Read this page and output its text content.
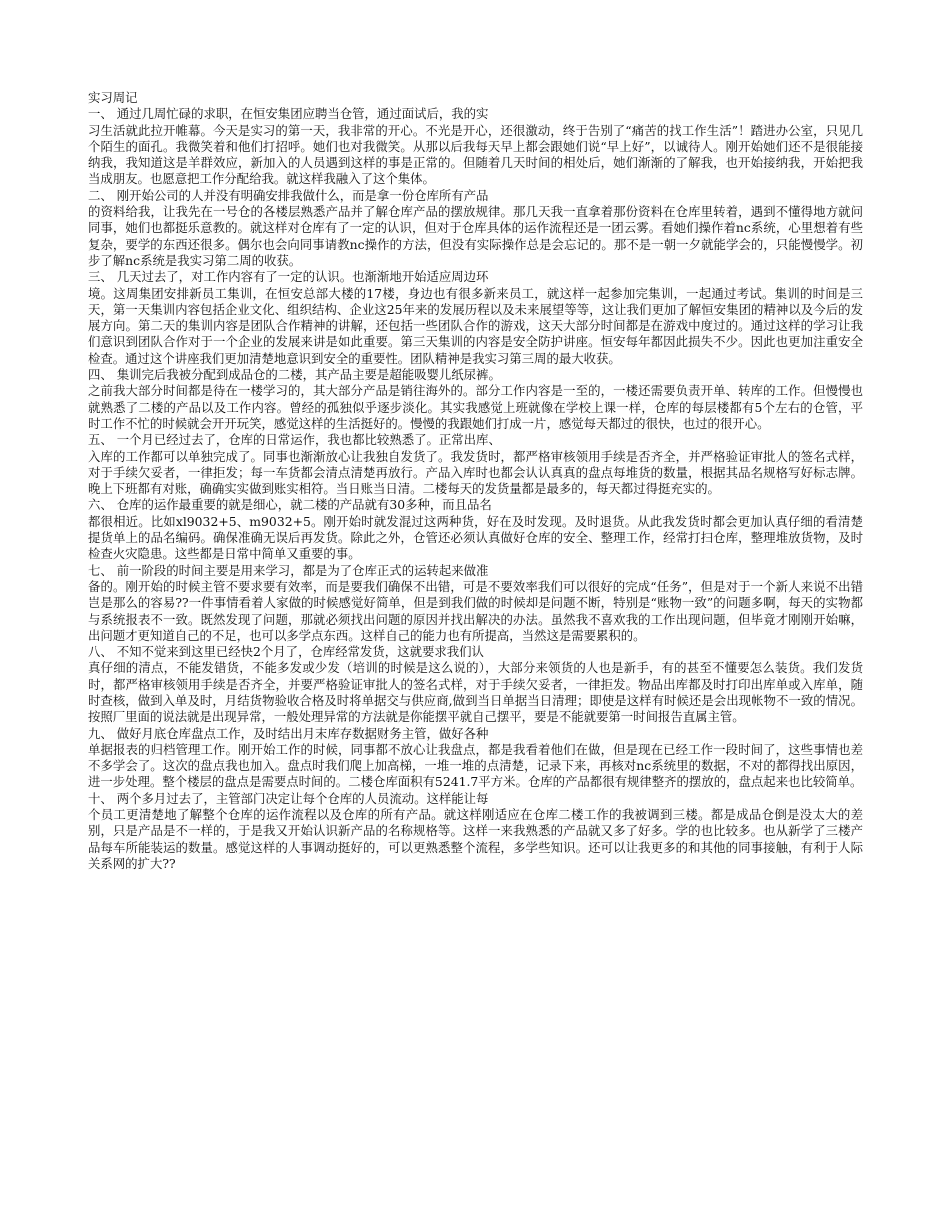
实习周记

一、 通过几周忙碌的求职，在恒安集团应聘当仓管，通过面试后，我的实

习生活就此拉开帷幕。今天是实习的第一天，我非常的开心。不光是开心，还很激动，终于告别了“痛苦的找工作生活”！踏进办公室，只见几个陌生的面孔。我微笑着和他们打招呼。她们也对我微笑。从那以后我每天早上都会跟她们说“早上好”，以诚待人。刚开始她们还不是很能接纳我，我知道这是羊群效应，新加入的人员遇到这样的事是正常的。但随着几天时间的相处后，她们渐渐的了解我，也开始接纳我，开始把我当成朋友。也愿意把工作分配给我。就这样我融入了这个集体。

二、 刚开始公司的人并没有明确安排我做什么，而是拿一份仓库所有产品

的资料给我，让我先在一号仓的各楼层熟悉产品并了解仓库产品的摆放规律。那几天我一直拿着那份资料在仓库里转着，遇到不懂得地方就问同事，她们也都挺乐意教的。就这样对仓库有了一定的认识，但对于仓库具体的运作流程还是一团云雾。看她们操作着nc系统，心里想着有些复杂，要学的东西还很多。偶尔也会向同事请教nc操作的方法，但没有实际操作总是会忘记的。那不是一朝一夕就能学会的，只能慢慢学。初步了解nc系统是我实习第二周的收获。

三、 几天过去了，对工作内容有了一定的认识。也渐渐地开始适应周边环

境。这周集团安排新员工集训，在恒安总部大楼的17楼，身边也有很多新来员工，就这样一起参加完集训，一起通过考试。集训的时间是三天，第一天集训内容包括企业文化、组织结构、企业这25年来的发展历程以及未来展望等等，这让我们更加了解恒安集团的精神以及今后的发展方向。第二天的集训内容是团队合作精神的讲解，还包括一些团队合作的游戏，这天大部分时间都是在游戏中度过的。通过这样的学习让我们意识到团队合作对于一个企业的发展来讲是如此重要。第三天集训的内容是安全防护讲座。恒安每年都因此损失不少。因此也更加注重安全检查。通过这个讲座我们更加清楚地意识到安全的重要性。团队精神是我实习第三周的最大收获。

四、 集训完后我被分配到成品仓的二楼，其产品主要是超能吸婴儿纸尿裤。

之前我大部分时间都是待在一楼学习的，其大部分产品是销往海外的。部分工作内容是一至的，一楼还需要负责开单、转库的工作。但慢慢也就熟悉了二楼的产品以及工作内容。曾经的孤独似乎逐步淡化。其实我感觉上班就像在学校上课一样，仓库的每层楼都有5个左右的仓管，平时工作不忙的时候就会开开玩笑，感觉这样的生活挺好的。慢慢的我跟她们打成一片，感觉每天都过的很快，也过的很开心。

五、 一个月已经过去了，仓库的日常运作，我也都比较熟悉了。正常出库、

入库的工作都可以单独完成了。同事也渐渐放心让我独自发货了。我发货时，都严格审核领用手续是否齐全，并严格验证审批人的签名式样，对于手续欠妥者，一律拒发；每一车货都会清点清楚再放行。产品入库时也都会认认真真的盘点每堆货的数量，根据其品名规格写好标志牌。晚上下班都有对账，确确实实做到账实相符。当日账当日清。二楼每天的发货量都是最多的，每天都过得挺充实的。

六、 仓库的运作最重要的就是细心，就二楼的产品就有30多种，而且品名

都很相近。比如xl9032+5、m9032+5。刚开始时就发混过这两种货，好在及时发现。及时退货。从此我发货时都会更加认真仔细的看清楚提货单上的品名编码。确保准确无误后再发货。除此之外，仓管还必须认真做好仓库的安全、整理工作，经常打扫仓库，整理堆放货物，及时检查火灾隐患。这些都是日常中简单又重要的事。

七、 前一阶段的时间主要是用来学习，都是为了仓库正式的运转起来做准

备的。刚开始的时候主管不要求要有效率，而是要我们确保不出错，可是不要效率我们可以很好的完成“任务”，但是对于一个新人来说不出错岂是那么的容易??一件事情看着人家做的时候感觉好简单，但是到我们做的时候却是问题不断，特别是“账物一致”的问题多啊，每天的实物都与系统报表不一致。既然发现了问题，那就必须找出问题的原因并找出解决的办法。虽然我不喜欢我的工作出现问题，但毕竟才刚刚开始嘛，出问题才更知道自己的不足，也可以多学点东西。这样自己的能力也有所提高，当然这是需要累积的。

八、 不知不觉来到这里已经快2个月了，仓库经常发货，这就要求我们认

真仔细的清点，不能发错货，不能多发或少发（培训的时候是这么说的），大部分来领货的人也是新手，有的甚至不懂要怎么装货。我们发货时，都严格审核领用手续是否齐全，并要严格验证审批人的签名式样，对于手续欠妥者，一律拒发。物品出库都及时打印出库单或入库单，随时查核，做到入单及时，月结货物验收合格及时将单据交与供应商,做到当日单据当日清理；即使是这样有时候还是会出现帐物不一致的情况。按照厂里面的说法就是出现异常，一般处理异常的方法就是你能摆平就自己摆平，要是不能就要第一时间报告直属主管。

九、 做好月底仓库盘点工作，及时结出月末库存数据财务主管，做好各种

单据报表的归档管理工作。刚开始工作的时候，同事都不放心让我盘点，都是我看着他们在做，但是现在已经工作一段时间了，这些事情也差不多学会了。这次的盘点我也加入。盘点时我们爬上加高梯，一堆一堆的点清楚，记录下来，再核对nc系统里的数据，不对的都得找出原因，进一步处理。整个楼层的盘点是需要点时间的。二楼仓库面积有5241.7平方米。仓库的产品都很有规律整齐的摆放的，盘点起来也比较简单。

十、 两个多月过去了，主管部门决定让每个仓库的人员流动。这样能让每

个员工更清楚地了解整个仓库的运作流程以及仓库的所有产品。就这样刚适应在仓库二楼工作的我被调到三楼。都是成品仓倒是没太大的差别，只是产品是不一样的，于是我又开始认识新产品的名称规格等。这样一来我熟悉的产品就又多了好多。学的也比较多。也从新学了三楼产品每车所能装运的数量。感觉这样的人事调动挺好的，可以更熟悉整个流程，多学些知识。还可以让我更多的和其他的同事接触，有利于人际关系网的扩大??
